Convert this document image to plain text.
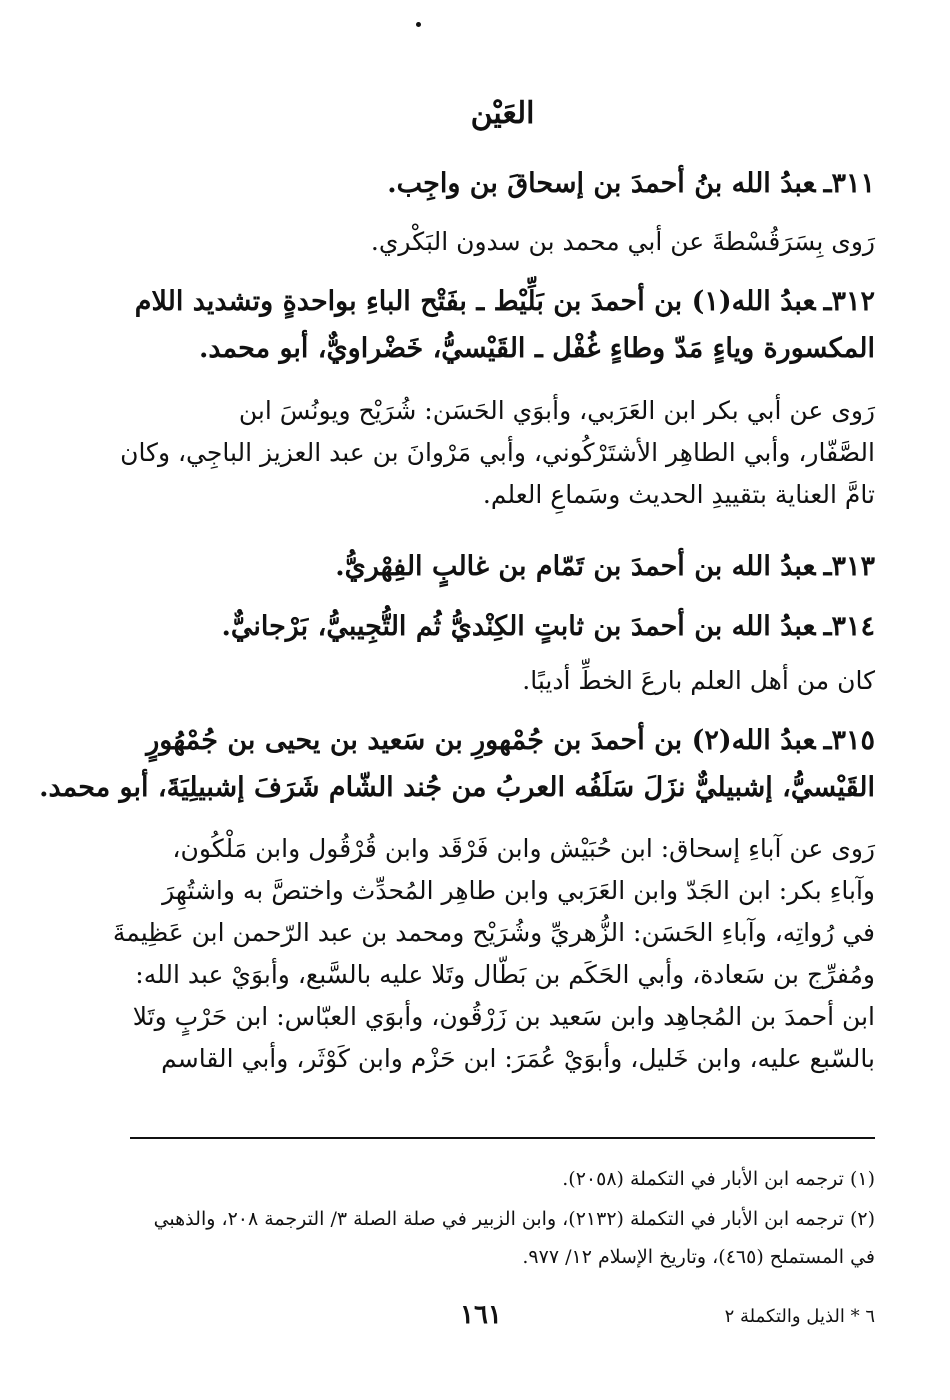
العَيْن
٣١١ـعبدُ الله بنُ أحمدَ بن إسحاقَ بن واجِب.
رَوى بِسَرَقُسْطةَ عن أبي محمد بن سدون البَكْري.
٣١٢ـعبدُ الله(١) بن أحمدَ بن بَلِّيْط ـ بفَتْح الباءِ بواحدةٍ وتشديد اللام
المكسورة وياءٍ مَدّ وطاءٍ غُفْل ـ القَيْسيُّ، خَضْراويٌّ، أبو محمد.
رَوى عن أبي بكر ابن العَرَبي، وأبوَي الحَسَن: شُرَيْح ويونُسَ ابن
الصَّفّار، وأبي الطاهِر الأشتَرْكُوني، وأبي مَرْوانَ بن عبد العزيز الباجِي، وكان
تامَّ العناية بتقييدِ الحديث وسَماعِ العلم.
٣١٣ـعبدُ الله بن أحمدَ بن تَمّام بن غالبٍ الفِهْريُّ.
٣١٤ـعبدُ الله بن أحمدَ بن ثابتٍ الكِنْديُّ ثُم التُّجِيبيُّ، بَرْجانيٌّ.
كان من أهل العلم بارعَ الخطِّ أديبًا.
٣١٥ـعبدُ الله(٢) بن أحمدَ بن جُمْهورِ بن سَعيد بن يحيى بن جُمْهُورٍ
القَيْسيُّ، إشبيليٌّ نزَلَ سَلَفُه العربُ من جُند الشّام شَرَفَ إشبيلِيَةَ، أبو محمد.
رَوى عن آباءِ إسحاق: ابن حُبَيْش وابن فَرْقَد وابن قُرْقُول وابن مَلْكُون،
وآباءِ بكر: ابن الجَدّ وابن العَرَبي وابن طاهِر المُحدِّث واختصَّ به واشتُهِرَ
في رُواتِه، وآباءِ الحَسَن: الزُّهريِّ وشُرَيْح ومحمد بن عبد الرّحمن ابن عَظِيمةَ
ومُفرِّج بن سَعادة، وأبي الحَكَم بن بَطّال وتَلا عليه بالسَّبع، وأبوَيْ عبد الله:
ابن أحمدَ بن المُجاهِد وابن سَعيد بن زَرْقُون، وأبوَي العبّاس: ابن حَرْبٍ وتَلا
بالسّبع عليه، وابن خَليل، وأبوَيْ عُمَرَ: ابن حَزْم وابن كَوْثَر، وأبي القاسم
(١) ترجمه ابن الأبار في التكملة (٢٠٥٨).
(٢) ترجمه ابن الأبار في التكملة (٢١٣٢)، وابن الزبير في صلة الصلة ٣/ الترجمة ٢٠٨، والذهبي
في المستملح (٤٦٥)، وتاريخ الإسلام ١٢/ ٩٧٧.
١٦١	٦ * الذيل والتكملة ٢
